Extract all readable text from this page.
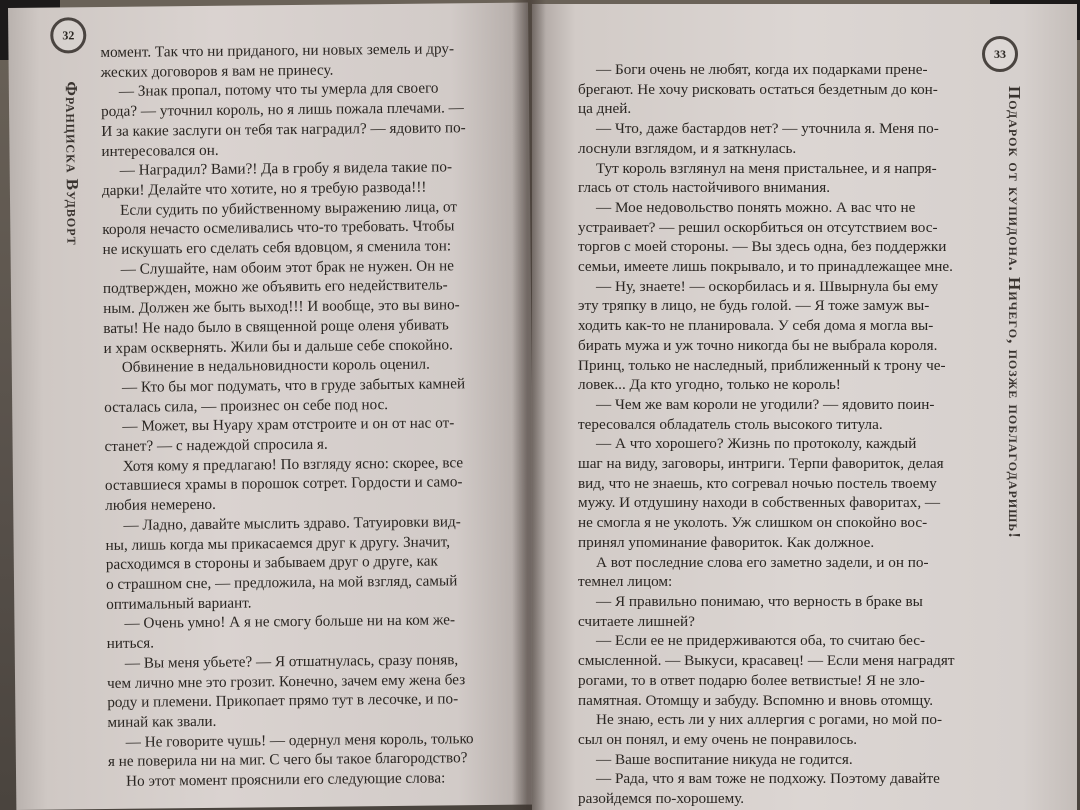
32
Франциска Вудворт

момент. Так что ни приданого, ни новых земель и дру-

жеских договоров я вам не принесу.

— Знак пропал, потому что ты умерла для своего

рода? — уточнил король, но я лишь пожала плечами. —

И за какие заслуги он тебя так наградил? — ядовито по-

интересовался он.

— Наградил? Вами?! Да в гробу я видела такие по-

дарки! Делайте что хотите, но я требую развода!!!

Если судить по убийственному выражению лица, от

короля нечасто осмеливались что-то требовать. Чтобы

не искушать его сделать себя вдовцом, я сменила тон:

— Слушайте, нам обоим этот брак не нужен. Он не

подтвержден, можно же объявить его недействитель-

ным. Должен же быть выход!!! И вообще, это вы вино-

ваты! Не надо было в священной роще оленя убивать

и храм осквернять. Жили бы и дальше себе спокойно.

Обвинение в недальновидности король оценил.

— Кто бы мог подумать, что в груде забытых камней

осталась сила, — произнес он себе под нос.

— Может, вы Нуару храм отстроите и он от нас от-

станет? — с надеждой спросила я.

Хотя кому я предлагаю! По взгляду ясно: скорее, все

оставшиеся храмы в порошок сотрет. Гордости и само-

любия немерено.

— Ладно, давайте мыслить здраво. Татуировки вид-

ны, лишь когда мы прикасаемся друг к другу. Значит,

расходимся в стороны и забываем друг о друге, как

о страшном сне, — предложила, на мой взгляд, самый

оптимальный вариант.

— Очень умно! А я не смогу больше ни на ком же-

ниться.

— Вы меня убьете? — Я отшатнулась, сразу поняв,

чем лично мне это грозит. Конечно, зачем ему жена без

роду и племени. Прикопает прямо тут в лесочке, и по-

минай как звали.

— Не говорите чушь! — одернул меня король, только

я не поверила ни на миг. С чего бы такое благородство?

Но этот момент прояснили его следующие слова:

33
Подарок от купидона. Ничего, позже поблагодаришь!

— Боги очень не любят, когда их подарками прене-

брегают. Не хочу рисковать остаться бездетным до кон-

ца дней.

— Что, даже бастардов нет? — уточнила я. Меня по-

лоснули взглядом, и я заткнулась.

Тут король взглянул на меня пристальнее, и я напря-

глась от столь настойчивого внимания.

— Мое недовольство понять можно. А вас что не

устраивает? — решил оскорбиться он отсутствием вос-

торгов с моей стороны. — Вы здесь одна, без поддержки

семьи, имеете лишь покрывало, и то принадлежащее мне.

— Ну, знаете! — оскорбилась и я. Швырнула бы ему

эту тряпку в лицо, не будь голой. — Я тоже замуж вы-

ходить как-то не планировала. У себя дома я могла вы-

бирать мужа и уж точно никогда бы не выбрала короля.

Принц, только не наследный, приближенный к трону че-

ловек... Да кто угодно, только не король!

— Чем же вам короли не угодили? — ядовито поин-

тересовался обладатель столь высокого титула.

— А что хорошего? Жизнь по протоколу, каждый

шаг на виду, заговоры, интриги. Терпи фавориток, делая

вид, что не знаешь, кто согревал ночью постель твоему

мужу. И отдушину находи в собственных фаворитах, —

не смогла я не уколоть. Уж слишком он спокойно вос-

принял упоминание фавориток. Как должное.

А вот последние слова его заметно задели, и он по-

темнел лицом:

— Я правильно понимаю, что верность в браке вы

считаете лишней?

— Если ее не придерживаются оба, то считаю бес-

смысленной. — Выкуси, красавец! — Если меня наградят

рогами, то в ответ подарю более ветвистые! Я не зло-

памятная. Отомщу и забуду. Вспомню и вновь отомщу.

Не знаю, есть ли у них аллергия с рогами, но мой по-

сыл он понял, и ему очень не понравилось.

— Ваше воспитание никуда не годится.

— Рада, что я вам тоже не подхожу. Поэтому давайте

разойдемся по-хорошему.
